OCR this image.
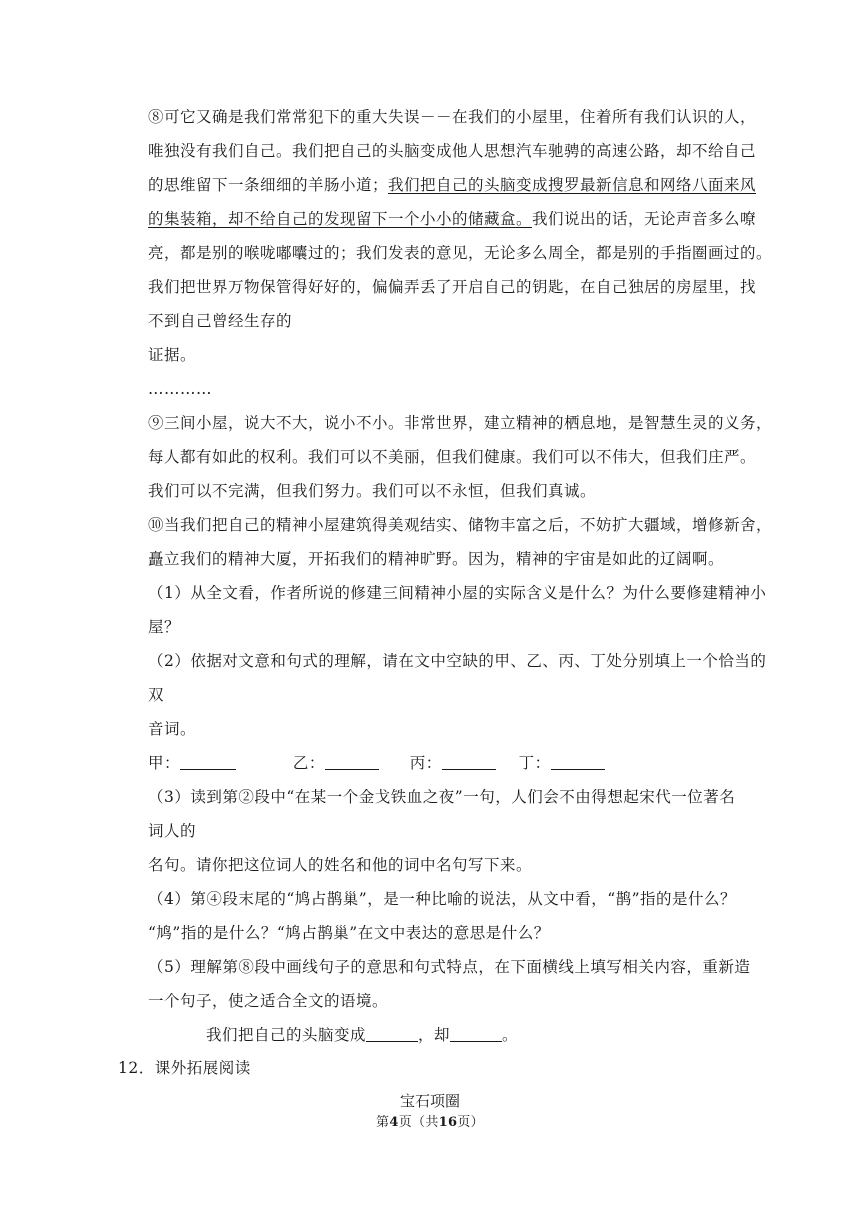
⑧可它又确是我们常常犯下的重大失误－－在我们的小屋里，住着所有我们认识的人，
唯独没有我们自己。我们把自己的头脑变成他人思想汽车驰骋的高速公路，却不给自己
的思维留下一条细细的羊肠小道；我们把自己的头脑变成搜罗最新信息和网络八面来风
的集装箱，却不给自己的发现留下一个小小的储藏盒。我们说出的话，无论声音多么嘹
亮，都是别的喉咙嘟囔过的；我们发表的意见，无论多么周全，都是别的手指圈画过的。
我们把世界万物保管得好好的，偏偏弄丢了开启自己的钥匙，在自己独居的房屋里，找
不到自己曾经生存的
证据。
…………
⑨三间小屋，说大不大，说小不小。非常世界，建立精神的栖息地，是智慧生灵的义务，
每人都有如此的权利。我们可以不美丽，但我们健康。我们可以不伟大，但我们庄严。
我们可以不完满，但我们努力。我们可以不永恒，但我们真诚。
⑩当我们把自己的精神小屋建筑得美观结实、储物丰富之后，不妨扩大疆域，增修新舍，
矗立我们的精神大厦，开拓我们的精神旷野。因为，精神的宇宙是如此的辽阔啊。
（1）从全文看，作者所说的修建三间精神小屋的实际含义是什么？为什么要修建精神小
屋？
（2）依据对文意和句式的理解，请在文中空缺的甲、乙、丙、丁处分别填上一个恰当的
双
音词。
甲：	乙：	丙：	丁：
（3）读到第②段中“在某一个金戈铁血之夜”一句，人们会不由得想起宋代一位著名
词人的
名句。请你把这位词人的姓名和他的词中名句写下来。
（4）第④段末尾的“鸠占鹊巢”，是一种比喻的说法，从文中看，“鹊”指的是什么？
“鸠”指的是什么？“鸠占鹊巢”在文中表达的意思是什么？
（5）理解第⑧段中画线句子的意思和句式特点，在下面横线上填写相关内容，重新造
一个句子，使之适合全文的语境。
我们把自己的头脑变成	，却	。
12．课外拓展阅读
宝石项圈
第4页（共16页）
